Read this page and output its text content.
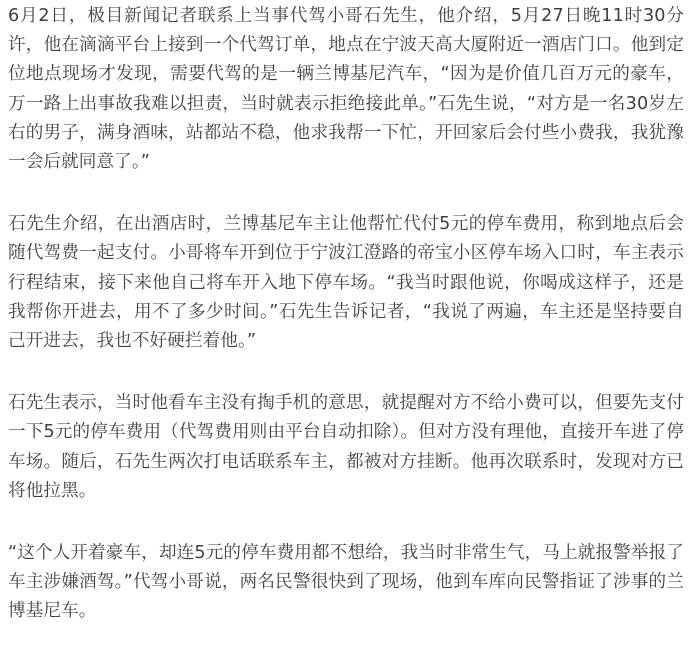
6月2日，极目新闻记者联系上当事代驾小哥石先生，他介绍，5月27日晚11时30分许，他在滴滴平台上接到一个代驾订单，地点在宁波天高大厦附近一酒店门口。他到定位地点现场才发现，需要代驾的是一辆兰博基尼汽车，“因为是价值几百万元的豪车，万一路上出事故我难以担责，当时就表示拒绝接此单。”石先生说，“对方是一名30岁左右的男子，满身酒味，站都站不稳，他求我帮一下忙，开回家后会付些小费我，我犹豫一会后就同意了。”

石先生介绍，在出酒店时，兰博基尼车主让他帮忙代付5元的停车费用，称到地点后会随代驾费一起支付。小哥将车开到位于宁波江澄路的帝宝小区停车场入口时，车主表示行程结束，接下来他自己将车开入地下停车场。“我当时跟他说，你喝成这样子，还是我帮你开进去，用不了多少时间。”石先生告诉记者，“我说了两遍，车主还是坚持要自己开进去，我也不好硬拦着他。”

石先生表示，当时他看车主没有掏手机的意思，就提醒对方不给小费可以，但要先支付一下5元的停车费用（代驾费用则由平台自动扣除）。但对方没有理他，直接开车进了停车场。随后，石先生两次打电话联系车主，都被对方挂断。他再次联系时，发现对方已将他拉黑。

“这个人开着豪车，却连5元的停车费用都不想给，我当时非常生气，马上就报警举报了车主涉嫌酒驾。”代驾小哥说，两名民警很快到了现场，他到车库向民警指证了涉事的兰博基尼车。
